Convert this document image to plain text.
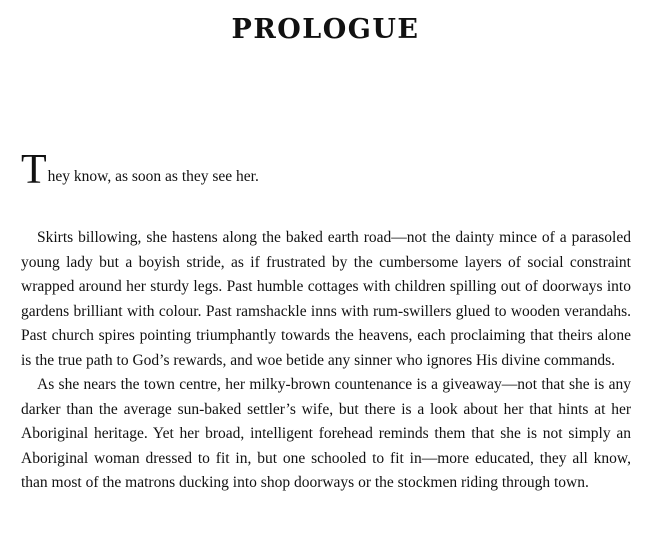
PROLOGUE
They know, as soon as they see her.

Skirts billowing, she hastens along the baked earth road—not the dainty mince of a parasoled young lady but a boyish stride, as if frustrated by the cumbersome layers of social constraint wrapped around her sturdy legs. Past humble cottages with children spilling out of doorways into gardens brilliant with colour. Past ramshackle inns with rum-swillers glued to wooden verandahs. Past church spires pointing triumphantly towards the heavens, each proclaiming that theirs alone is the true path to God’s rewards, and woe betide any sinner who ignores His divine commands.

As she nears the town centre, her milky-brown countenance is a giveaway—not that she is any darker than the average sun-baked settler’s wife, but there is a look about her that hints at her Aboriginal heritage. Yet her broad, intelligent forehead reminds them that she is not simply an Aboriginal woman dressed to fit in, but one schooled to fit in—more educated, they all know, than most of the matrons ducking into shop doorways or the stockmen riding through town.
